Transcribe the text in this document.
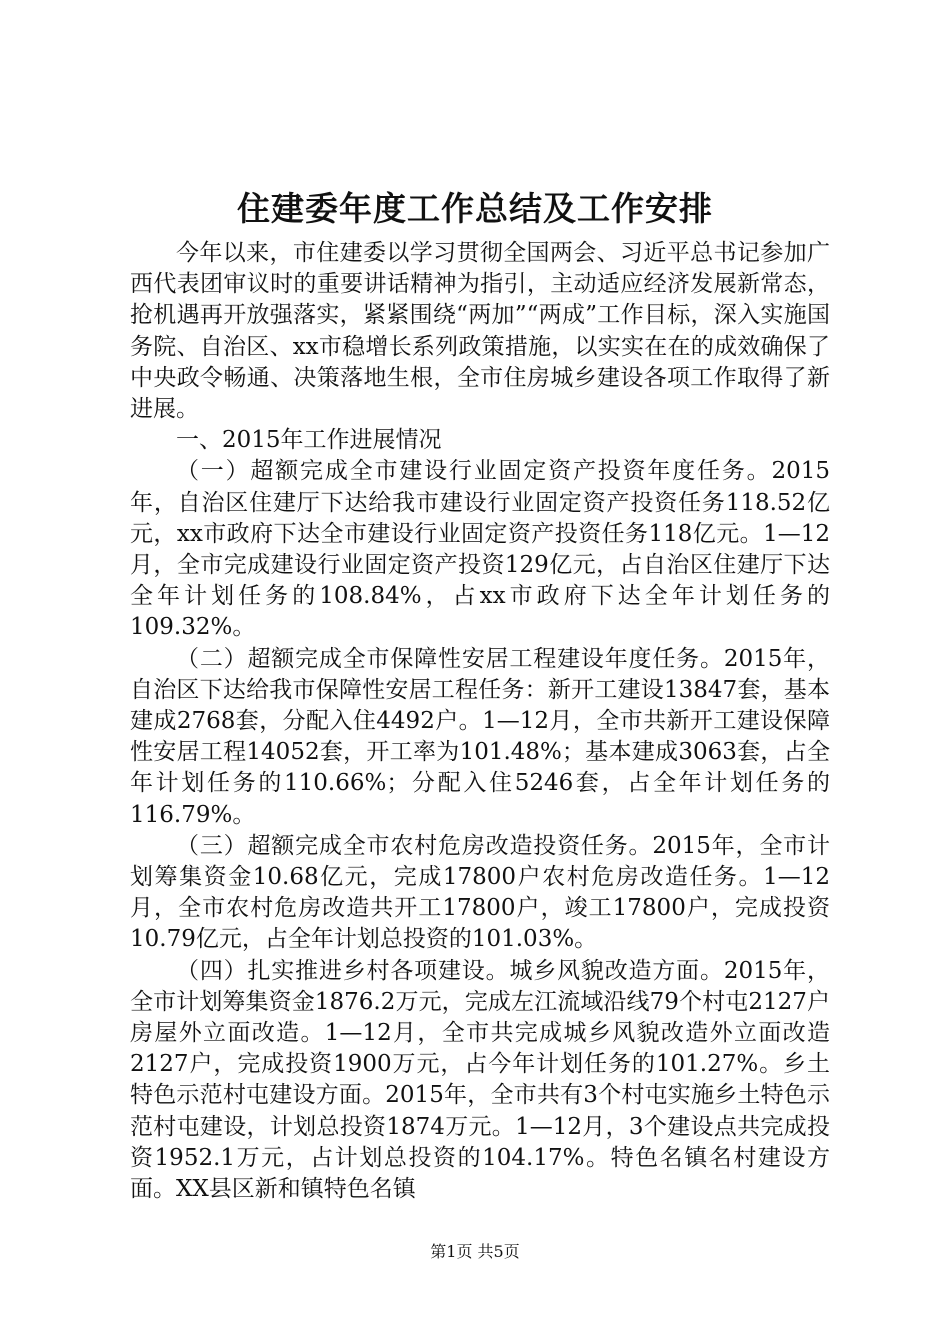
住建委年度工作总结及工作安排

今年以来，市住建委以学习贯彻全国两会、习近平总书记参加广西代表团审议时的重要讲话精神为指引，主动适应经济发展新常态，抢机遇再开放强落实，紧紧围绕“两加”“两成”工作目标，深入实施国务院、自治区、xx市稳增长系列政策措施，以实实在在的成效确保了中央政令畅通、决策落地生根，全市住房城乡建设各项工作取得了新进展。

一、2015年工作进展情况

（一）超额完成全市建设行业固定资产投资年度任务。2015年，自治区住建厅下达给我市建设行业固定资产投资任务118.52亿元，xx市政府下达全市建设行业固定资产投资任务118亿元。1—12月，全市完成建设行业固定资产投资129亿元，占自治区住建厅下达全年计划任务的108.84%，占xx市政府下达全年计划任务的109.32%。

（二）超额完成全市保障性安居工程建设年度任务。2015年，自治区下达给我市保障性安居工程任务：新开工建设13847套，基本建成2768套，分配入住4492户。1—12月，全市共新开工建设保障性安居工程14052套，开工率为101.48%；基本建成3063套，占全年计划任务的110.66%；分配入住5246套，占全年计划任务的116.79%。

（三）超额完成全市农村危房改造投资任务。2015年，全市计划筹集资金10.68亿元，完成17800户农村危房改造任务。1—12月，全市农村危房改造共开工17800户，竣工17800户，完成投资10.79亿元，占全年计划总投资的101.03%。

（四）扎实推进乡村各项建设。城乡风貌改造方面。2015年，全市计划筹集资金1876.2万元，完成左江流域沿线79个村屯2127户房屋外立面改造。1—12月，全市共完成城乡风貌改造外立面改造2127户，完成投资1900万元，占今年计划任务的101.27%。乡土特色示范村屯建设方面。2015年，全市共有3个村屯实施乡土特色示范村屯建设，计划总投资1874万元。1—12月，3个建设点共完成投资1952.1万元，占计划总投资的104.17%。特色名镇名村建设方面。XX县区新和镇特色名镇

第1页 共5页
